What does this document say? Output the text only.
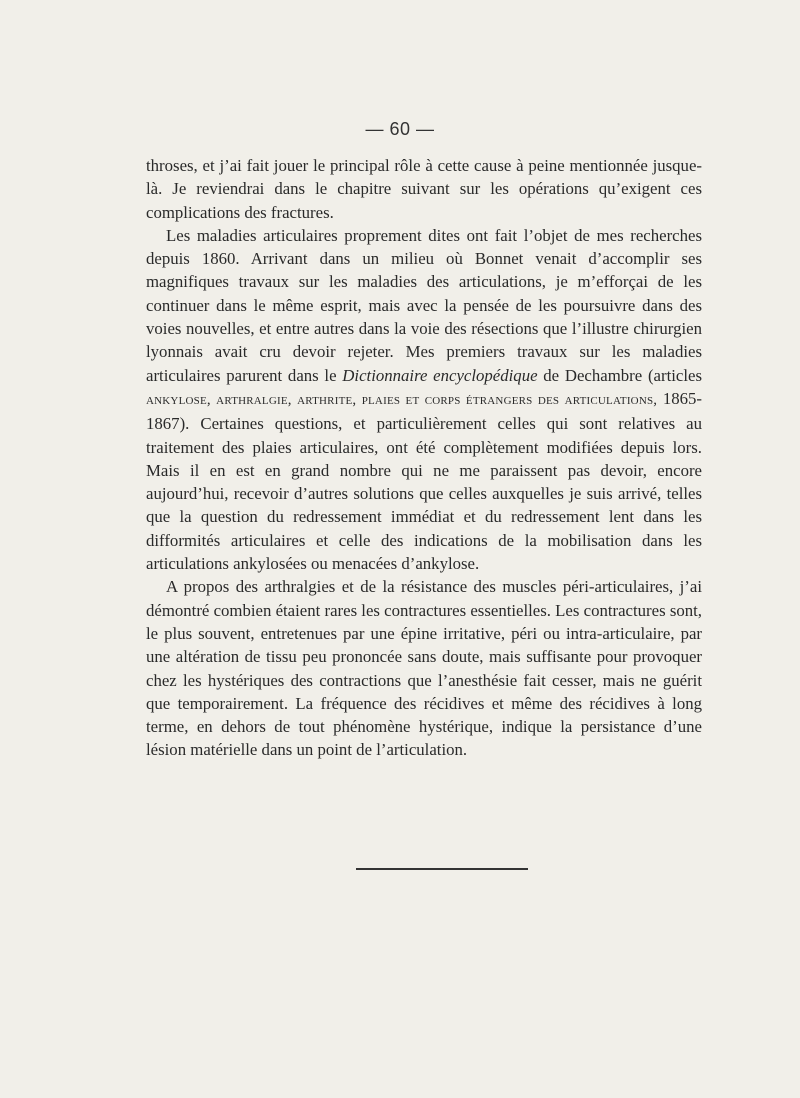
— 60 —

throses, et j’ai fait jouer le principal rôle à cette cause à peine mentionnée jusque-là. Je reviendrai dans le chapitre suivant sur les opérations qu’exigent ces complications des fractures.

Les maladies articulaires proprement dites ont fait l’objet de mes recherches depuis 1860. Arrivant dans un milieu où Bonnet venait d’accomplir ses magnifiques travaux sur les maladies des articulations, je m’efforçai de les continuer dans le même esprit, mais avec la pensée de les poursuivre dans des voies nouvelles, et entre autres dans la voie des résections que l’illustre chirurgien lyonnais avait cru devoir rejeter. Mes premiers travaux sur les maladies articulaires parurent dans le Dictionnaire encyclopédique de Dechambre (articles ankylose, arthralgie, arthrite, plaies et corps étrangers des articulations, 1865-1867). Certaines questions, et particulièrement celles qui sont relatives au traitement des plaies articulaires, ont été complètement modifiées depuis lors. Mais il en est en grand nombre qui ne me paraissent pas devoir, encore aujourd’hui, recevoir d’autres solutions que celles auxquelles je suis arrivé, telles que la question du redressement immédiat et du redressement lent dans les difformités articulaires et celle des indications de la mobilisation dans les articulations ankylosées ou menacées d’ankylose.

A propos des arthralgies et de la résistance des muscles péri-articulaires, j’ai démontré combien étaient rares les contractures essentielles. Les contractures sont, le plus souvent, entretenues par une épine irritative, péri ou intra-articulaire, par une altération de tissu peu prononcée sans doute, mais suffisante pour provoquer chez les hystériques des contractions que l’anesthésie fait cesser, mais ne guérit que temporairement. La fréquence des récidives et même des récidives à long terme, en dehors de tout phénomène hystérique, indique la persistance d’une lésion matérielle dans un point de l’articulation.
